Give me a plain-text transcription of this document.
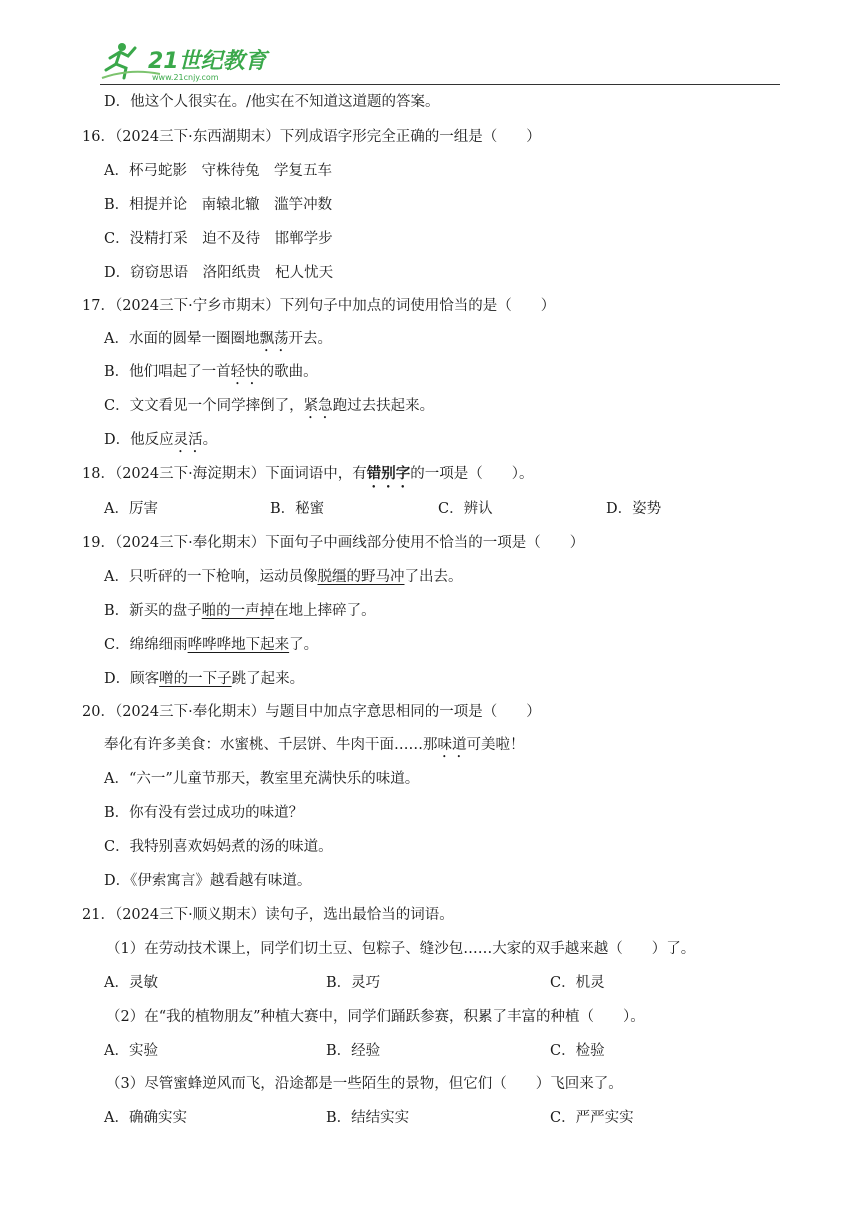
21世纪教育
www.21cnjy.com
D．他这个人很实在。/他实在不知道这道题的答案。
16．（2024三下·东西湖期末）下列成语字形完全正确的一组是（　　）
A．杯弓蛇影　守株待兔　学复五车
B．相提并论　南辕北辙　滥竽冲数
C．没精打采　迫不及待　邯郸学步
D．窃窃思语　洛阳纸贵　杞人忧天
17．（2024三下·宁乡市期末）下列句子中加点的词使用恰当的是（　　）
A．水面的圆晕一圈圈地飘荡开去。
B．他们唱起了一首轻快的歌曲。
C．文文看见一个同学摔倒了，紧急跑过去扶起来。
D．他反应灵活。
18．（2024三下·海淀期末）下面词语中，有错别字的一项是（　　）。
A．厉害	B．秘蜜	C．辨认	D．姿势
19．（2024三下·奉化期末）下面句子中画线部分使用不恰当的一项是（　　）
A．只听砰的一下枪响，运动员像脱缰的野马冲了出去。
B．新买的盘子啪的一声掉在地上摔碎了。
C．绵绵细雨哗哗哗地下起来了。
D．顾客噌的一下子跳了起来。
20．（2024三下·奉化期末）与题目中加点字意思相同的一项是（　　）
奉化有许多美食：水蜜桃、千层饼、牛肉干面……那味道可美啦！
A．“六一”儿童节那天，教室里充满快乐的味道。
B．你有没有尝过成功的味道？
C．我特别喜欢妈妈煮的汤的味道。
D．《伊索寓言》越看越有味道。
21．（2024三下·顺义期末）读句子，选出最恰当的词语。
（1）在劳动技术课上，同学们切土豆、包粽子、缝沙包……大家的双手越来越（　　）了。
A．灵敏	B．灵巧	C．机灵
（2）在“我的植物朋友”种植大赛中，同学们踊跃参赛，积累了丰富的种植（　　）。
A．实验	B．经验	C．检验
（3）尽管蜜蜂逆风而飞，沿途都是一些陌生的景物，但它们（　　）飞回来了。
A．确确实实	B．结结实实	C．严严实实
